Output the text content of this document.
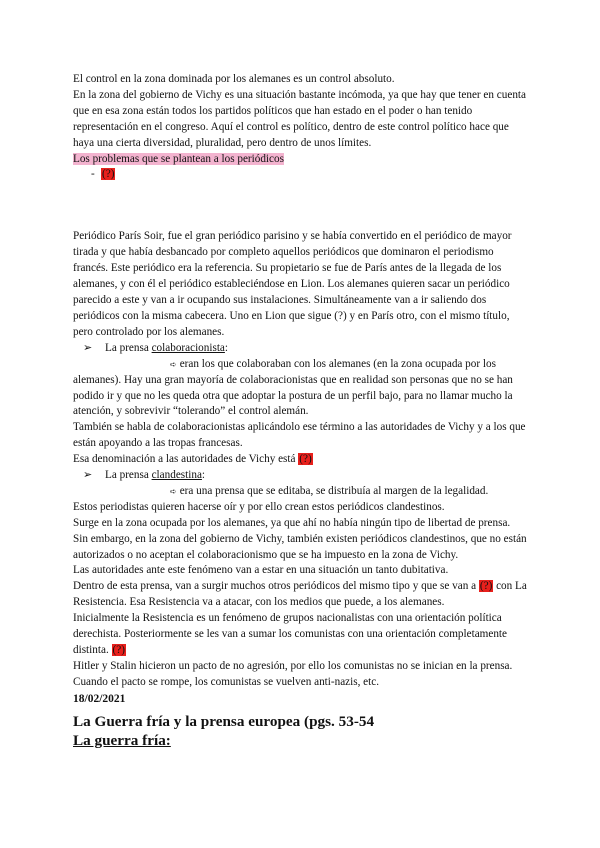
El control en la zona dominada por los alemanes es un control absoluto.

En la zona del gobierno de Vichy es una situación bastante incómoda, ya que hay que tener en cuenta que en esa zona están todos los partidos políticos que han estado en el poder o han tenido representación en el congreso. Aquí el control es político, dentro de este control político hace que haya una cierta diversidad, pluralidad, pero dentro de unos límites.

Los problemas que se plantean a los periódicos

- (?)

Periódico París Soir, fue el gran periódico parisino y se había convertido en el periódico de mayor tirada y que había desbancado por completo aquellos periódicos que dominaron el periodismo francés. Este periódico era la referencia. Su propietario se fue de París antes de la llegada de los alemanes, y con él el periódico estableciéndose en Lion. Los alemanes quieren sacar un periódico parecido a este y van a ir ocupando sus instalaciones. Simultáneamente van a ir saliendo dos periódicos con la misma cabecera. Uno en Lion que sigue (?) y en París otro, con el mismo título, pero controlado por los alemanes.

➢ La prensa colaboracionista:

➪ eran los que colaboraban con los alemanes (en la zona ocupada por los

alemanes). Hay una gran mayoría de colaboracionistas que en realidad son personas que no se han podido ir y que no les queda otra que adoptar la postura de un perfil bajo, para no llamar mucho la atención, y sobrevivir “tolerando” el control alemán.

También se habla de colaboracionistas aplicándolo ese término a las autoridades de Vichy y a los que están apoyando a las tropas francesas.

Esa denominación a las autoridades de Vichy está (?)

➢ La prensa clandestina:

➪ era una prensa que se editaba, se distribuía al margen de la legalidad.

Estos periodistas quieren hacerse oír y por ello crean estos periódicos clandestinos.

Surge en la zona ocupada por los alemanes, ya que ahí no había ningún tipo de libertad de prensa. Sin embargo, en la zona del gobierno de Vichy, también existen periódicos clandestinos, que no están autorizados o no aceptan el colaboracionismo que se ha impuesto en la zona de Vichy.

Las autoridades ante este fenómeno van a estar en una situación un tanto dubitativa.

Dentro de esta prensa, van a surgir muchos otros periódicos del mismo tipo y que se van a (?) con La Resistencia. Esa Resistencia va a atacar, con los medios que puede, a los alemanes.

Inicialmente la Resistencia es un fenómeno de grupos nacionalistas con una orientación política derechista. Posteriormente se les van a sumar los comunistas con una orientación completamente distinta. (?)

Hitler y Stalin hicieron un pacto de no agresión, por ello los comunistas no se inician en la prensa. Cuando el pacto se rompe, los comunistas se vuelven anti-nazis, etc.

18/02/2021

La Guerra fría y la prensa europea (pgs. 53-54

La guerra fría:
